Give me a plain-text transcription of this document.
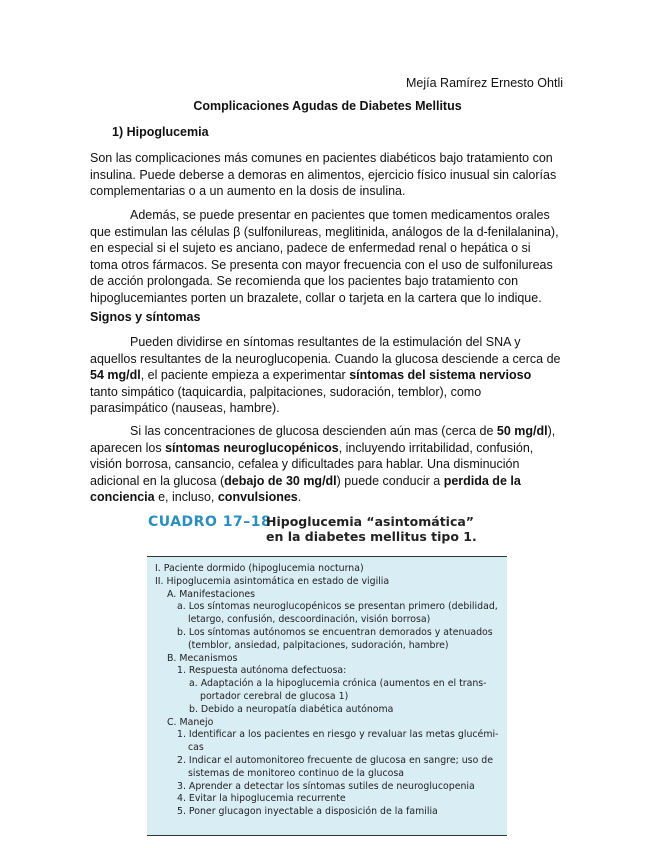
Mejía Ramírez Ernesto Ohtli
Complicaciones Agudas de Diabetes Mellitus
1) Hipoglucemia
Son las complicaciones más comunes en pacientes diabéticos bajo tratamiento con
insulina. Puede deberse a demoras en alimentos, ejercicio físico inusual sin calorías
complementarias o a un aumento en la dosis de insulina.
Además, se puede presentar en pacientes que tomen medicamentos orales
que estimulan las células β (sulfonilureas, meglitinida, análogos de la d-fenilalanina),
en especial si el sujeto es anciano, padece de enfermedad renal o hepática o si
toma otros fármacos. Se presenta con mayor frecuencia con el uso de sulfonilureas
de acción prolongada. Se recomienda que los pacientes bajo tratamiento con
hipoglucemiantes porten un brazalete, collar o tarjeta en la cartera que lo indique.
Signos y síntomas
Pueden dividirse en síntomas resultantes de la estimulación del SNA y
aquellos resultantes de la neuroglucopenia. Cuando la glucosa desciende a cerca de
54 mg/dl, el paciente empieza a experimentar síntomas del sistema nervioso
tanto simpático (taquicardia, palpitaciones, sudoración, temblor), como
parasimpático (nauseas, hambre).
Si las concentraciones de glucosa descienden aún mas (cerca de 50 mg/dl),
aparecen los síntomas neuroglucopénicos, incluyendo irritabilidad, confusión,
visión borrosa, cansancio, cefalea y dificultades para hablar. Una disminución
adicional en la glucosa (debajo de 30 mg/dl) puede conducir a perdida de la
conciencia e, incluso, convulsiones.
CUADRO 17–18
Hipoglucemia “asintomática”
en la diabetes mellitus tipo 1.
I. Paciente dormido (hipoglucemia nocturna)
II. Hipoglucemia asintomática en estado de vigilia
A. Manifestaciones
a. Los síntomas neuroglucopénicos se presentan primero (debilidad,
letargo, confusión, descoordinación, visión borrosa)
b. Los síntomas autónomos se encuentran demorados y atenuados
(temblor, ansiedad, palpitaciones, sudoración, hambre)
B. Mecanismos
1. Respuesta autónoma defectuosa:
a. Adaptación a la hipoglucemia crónica (aumentos en el trans-
portador cerebral de glucosa 1)
b. Debido a neuropatía diabética autónoma
C. Manejo
1. Identificar a los pacientes en riesgo y revaluar las metas glucémi-
cas
2. Indicar el automonitoreo frecuente de glucosa en sangre; uso de
sistemas de monitoreo continuo de la glucosa
3. Aprender a detectar los síntomas sutiles de neuroglucopenia
4. Evitar la hipoglucemia recurrente
5. Poner glucagon inyectable a disposición de la familia
